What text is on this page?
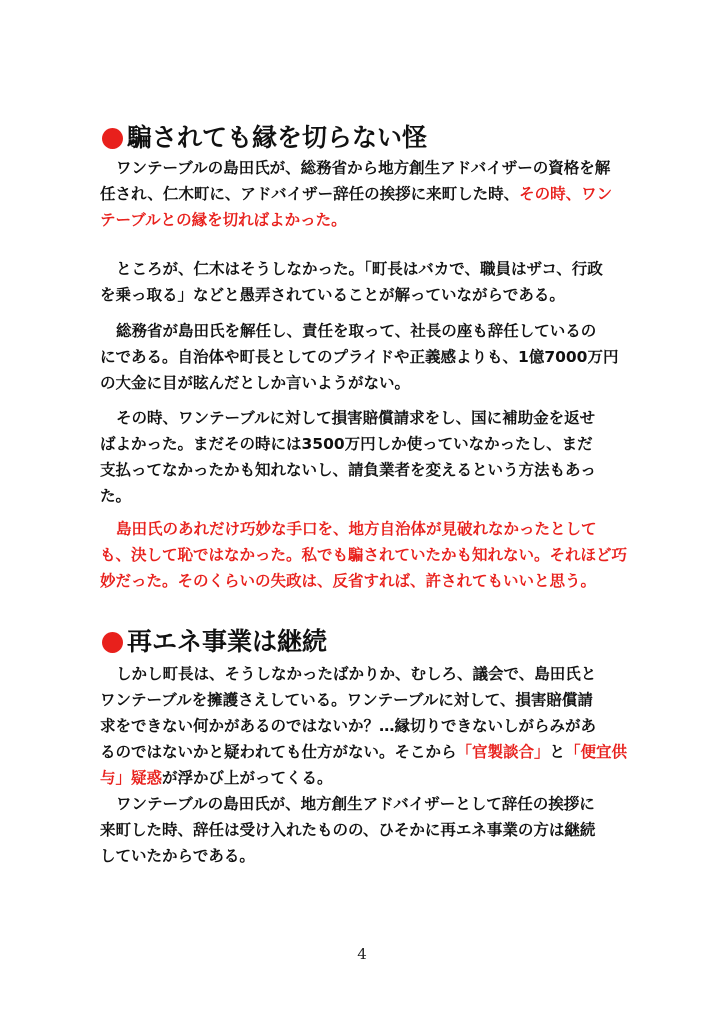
騙されても縁を切らない怪
ワンテーブルの島田氏が、総務省から地方創生アドバイザーの資格を解
任され、仁木町に、アドバイザー辞任の挨拶に来町した時、その時、ワン
テーブルとの縁を切ればよかった。
ところが、仁木はそうしなかった。「町長はバカで、職員はザコ、行政
を乗っ取る」などと愚弄されていることが解っていながらである。
総務省が島田氏を解任し、責任を取って、社長の座も辞任しているの
にである。自治体や町長としてのプライドや正義感よりも、1億7000万円
の大金に目が眩んだとしか言いようがない。
その時、ワンテーブルに対して損害賠償請求をし、国に補助金を返せ
ばよかった。まだその時には3500万円しか使っていなかったし、まだ
支払ってなかったかも知れないし、請負業者を変えるという方法もあっ
た。
島田氏のあれだけ巧妙な手口を、地方自治体が見破れなかったとして
も、決して恥ではなかった。私でも騙されていたかも知れない。それほど巧
妙だった。そのくらいの失政は、反省すれば、許されてもいいと思う。
再エネ事業は継続
しかし町長は、そうしなかったばかりか、むしろ、議会で、島田氏と
ワンテーブルを擁護さえしている。ワンテーブルに対して、損害賠償請
求をできない何かがあるのではないか？…縁切りできないしがらみがあ
るのではないかと疑われても仕方がない。そこから「官製談合」と「便宜供
与」疑惑が浮かび上がってくる。
ワンテーブルの島田氏が、地方創生アドバイザーとして辞任の挨拶に
来町した時、辞任は受け入れたものの、ひそかに再エネ事業の方は継続
していたからである。
4
